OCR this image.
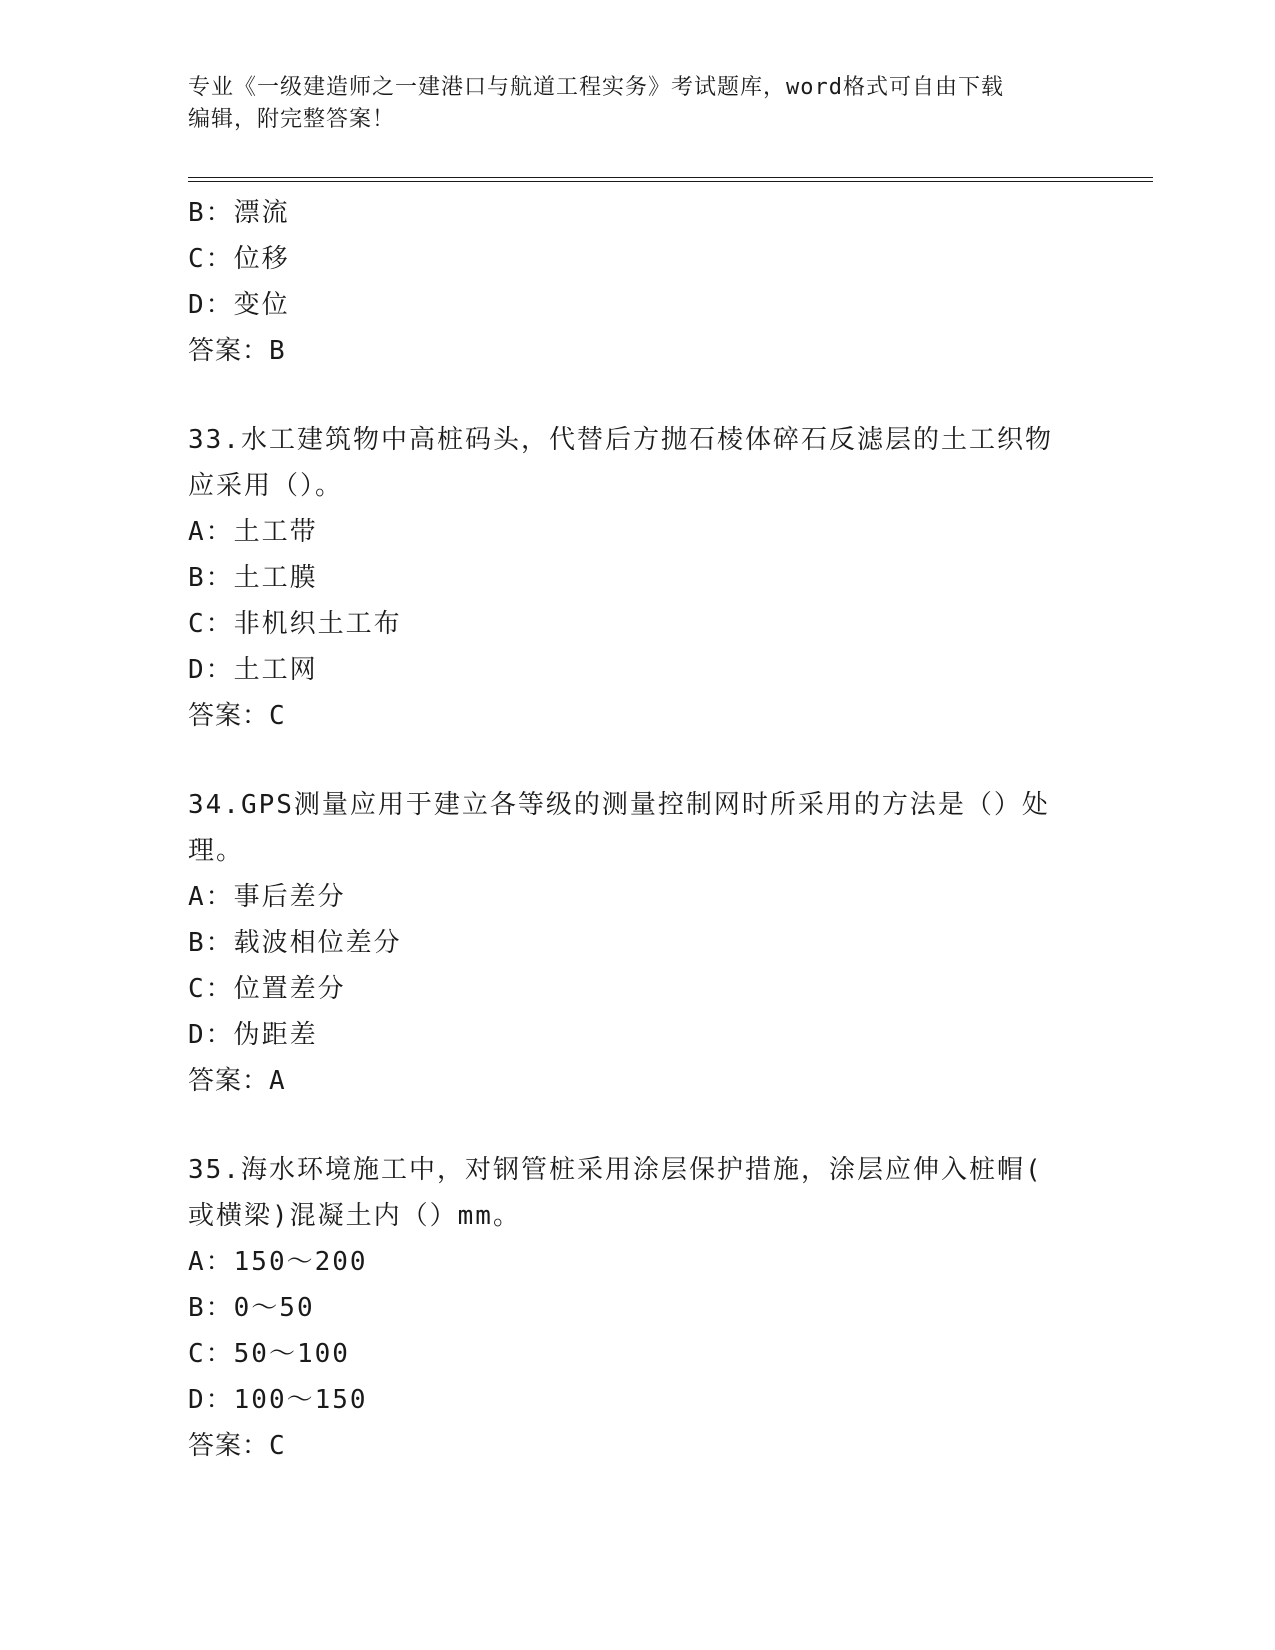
专业《一级建造师之一建港口与航道工程实务》考试题库，word格式可自由下载
编辑，附完整答案！
B：漂流
C：位移
D：变位
答案：B
33.水工建筑物中高桩码头，代替后方抛石棱体碎石反滤层的土工织物
应采用（）。
A：土工带
B：土工膜
C：非机织土工布
D：土工网
答案：C
34.GPS测量应用于建立各等级的测量控制网时所采用的方法是（）处
理。
A：事后差分
B：载波相位差分
C：位置差分
D：伪距差
答案：A
35.海水环境施工中，对钢管桩采用涂层保护措施，涂层应伸入桩帽(
或横梁)混凝土内（）mm。
A：150～200
B：0～50
C：50～100
D：100～150
答案：C
